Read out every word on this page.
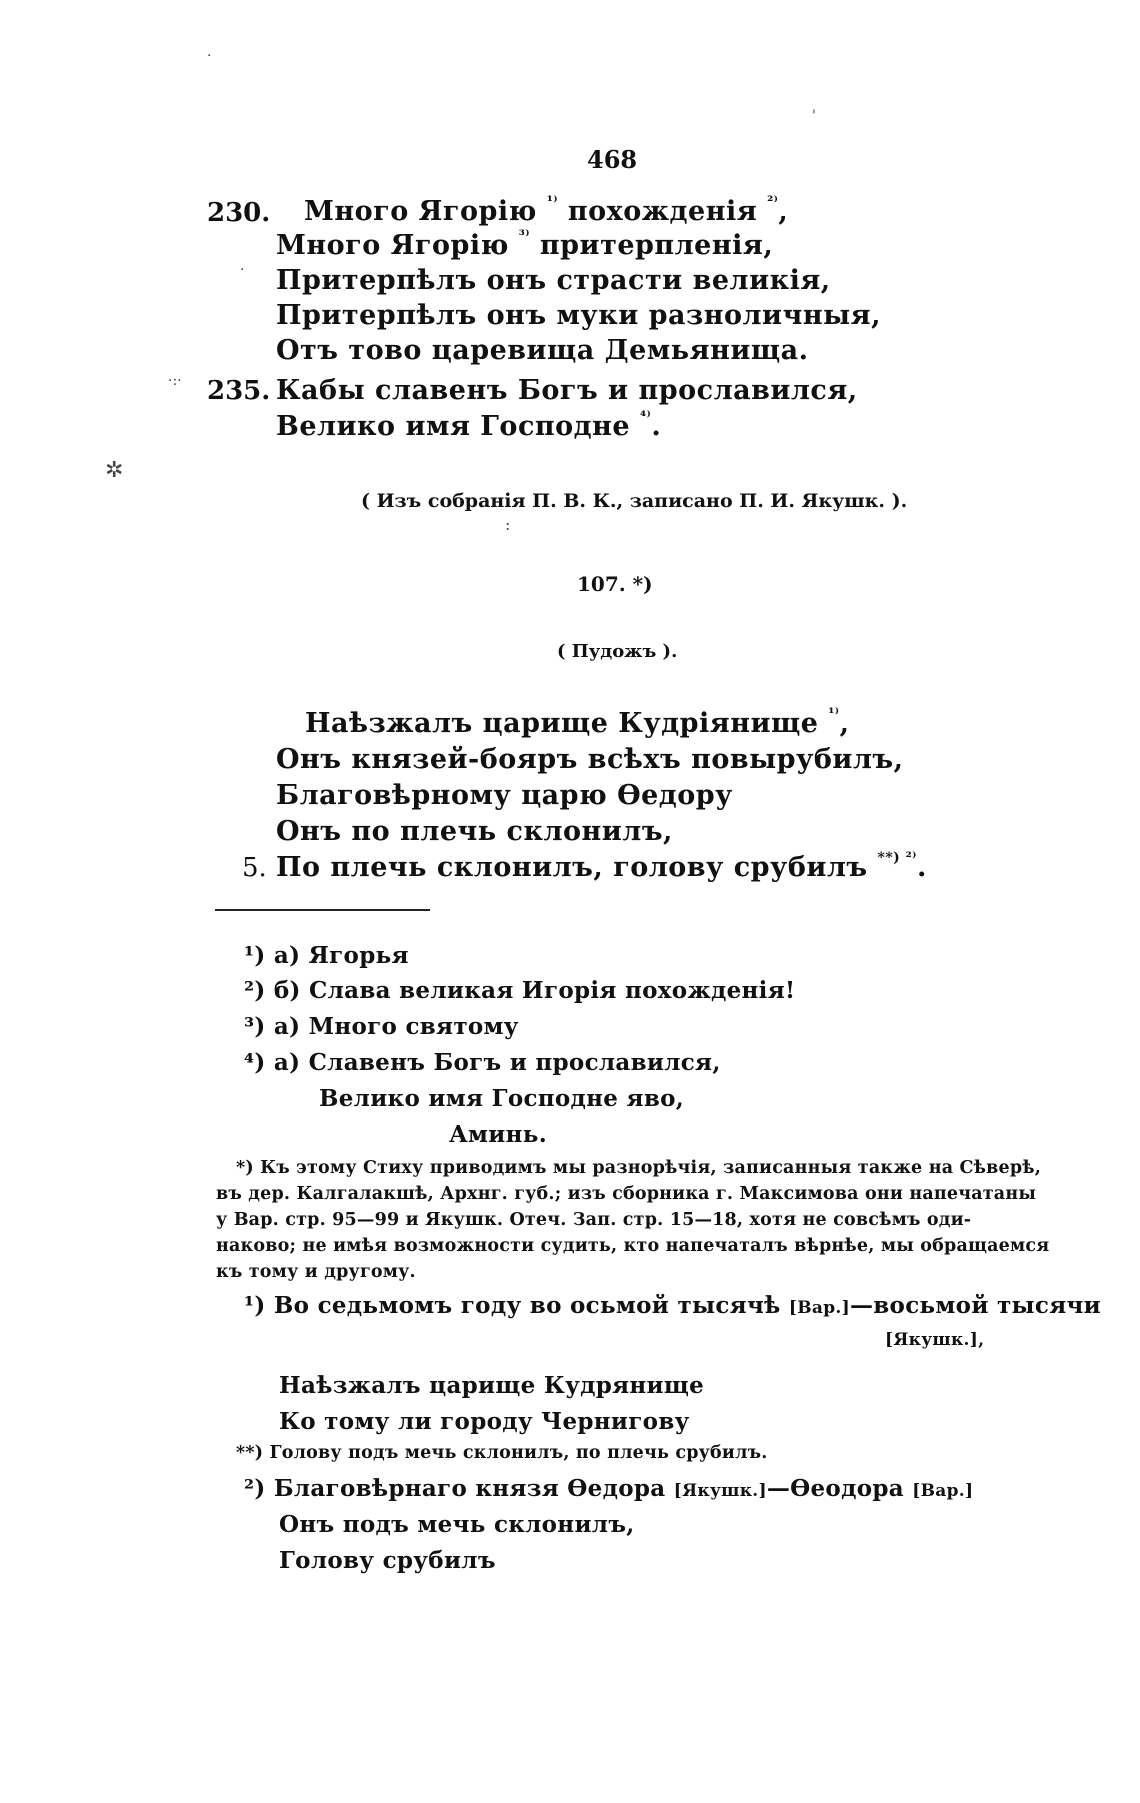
·
'
·:·
✲
·
468
230. Много Ягорію $^{^{1)}}$ похожденія $^{^{2)}}$,
Много Ягорію $^{^{3)}}$ притерпленія,
Притерпѣлъ онъ страсти великія,
Притерпѣлъ онъ муки разноличныя,
Отъ тово царевища Демьянища.
235. Кабы славенъ Богъ и прославился,
Велико имя Господне $^{^{4)}}$.
( Изъ собранія П. В. К., записано П. И. Якушк. ).
:
107. *)
( Пудожъ ).
Наѣзжалъ царище Кудріянище $^{^{1)}}$,
Онъ князей-бояръ всѣхъ повырубилъ,
Благовѣрному царю Ѳедору
Онъ по плечь склонилъ,
5. По плечь склонилъ, голову срубилъ $^{**) ^{2)}}$.
¹) а) Ягорья
²) б) Слава великая Игорія похожденія!
³) а) Много святому
⁴) а) Славенъ Богъ и прославился,
Велико имя Господне яво,
Аминь.
*) Къ этому Стиху приводимъ мы разнорѣчія, записанныя также на Сѣверѣ,
въ дер. Калгалакшѣ, Архнг. губ.; изъ сборника г. Максимова они напечатаны
у Вар. стр. 95—99 и Якушк. Отеч. Зап. стр. 15—18, хотя не совсѣмъ оди-
наково; не имѣя возможности судить, кто напечаталъ вѣрнѣе, мы обращаемся
къ тому и другому.
¹) Во седьмомъ году во осьмой тысячѣ [Вар.]—восьмой тысячи
[Якушк.],
Наѣзжалъ царище Кудрянище
Ко тому ли городу Чернигову
**) Голову подъ мечь склонилъ, по плечь срубилъ.
²) Благовѣрнаго князя Ѳедора [Якушк.]—Ѳеодора [Вар.]
Онъ подъ мечь склонилъ,
Голову срубилъ
